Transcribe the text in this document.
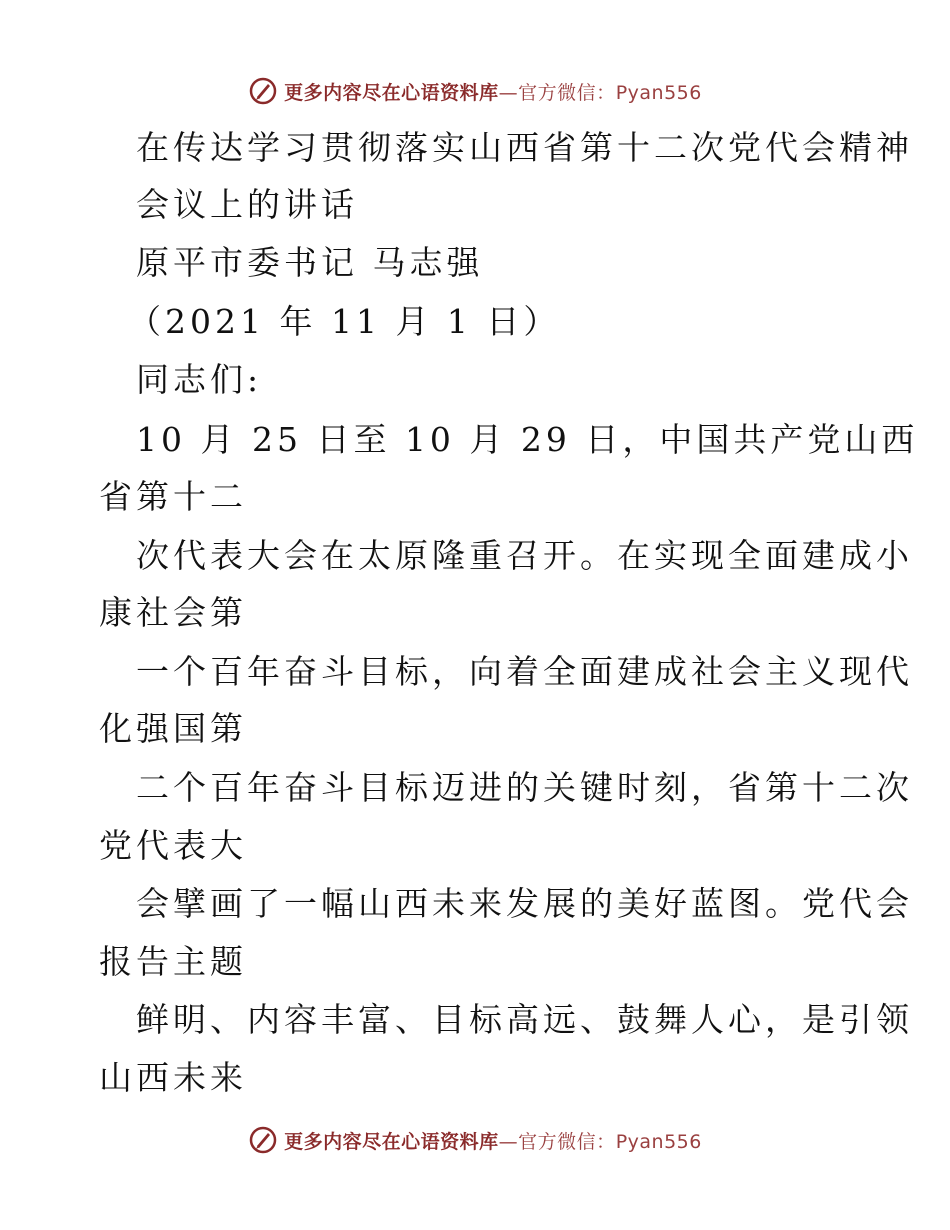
更多内容尽在心语资料库—官方微信：Pyan556
在传达学习贯彻落实山西省第十二次党代会精神
会议上的讲话
原平市委书记 马志强
（2021 年 11 月 1 日）
同志们:
10 月 25 日至 10 月 29 日，中国共产党山西
省第十二
次代表大会在太原隆重召开。在实现全面建成小
康社会第
一个百年奋斗目标，向着全面建成社会主义现代
化强国第
二个百年奋斗目标迈进的关键时刻，省第十二次
党代表大
会擘画了一幅山西未来发展的美好蓝图。党代会
报告主题
鲜明、内容丰富、目标高远、鼓舞人心，是引领
山西未来
更多内容尽在心语资料库—官方微信：Pyan556
